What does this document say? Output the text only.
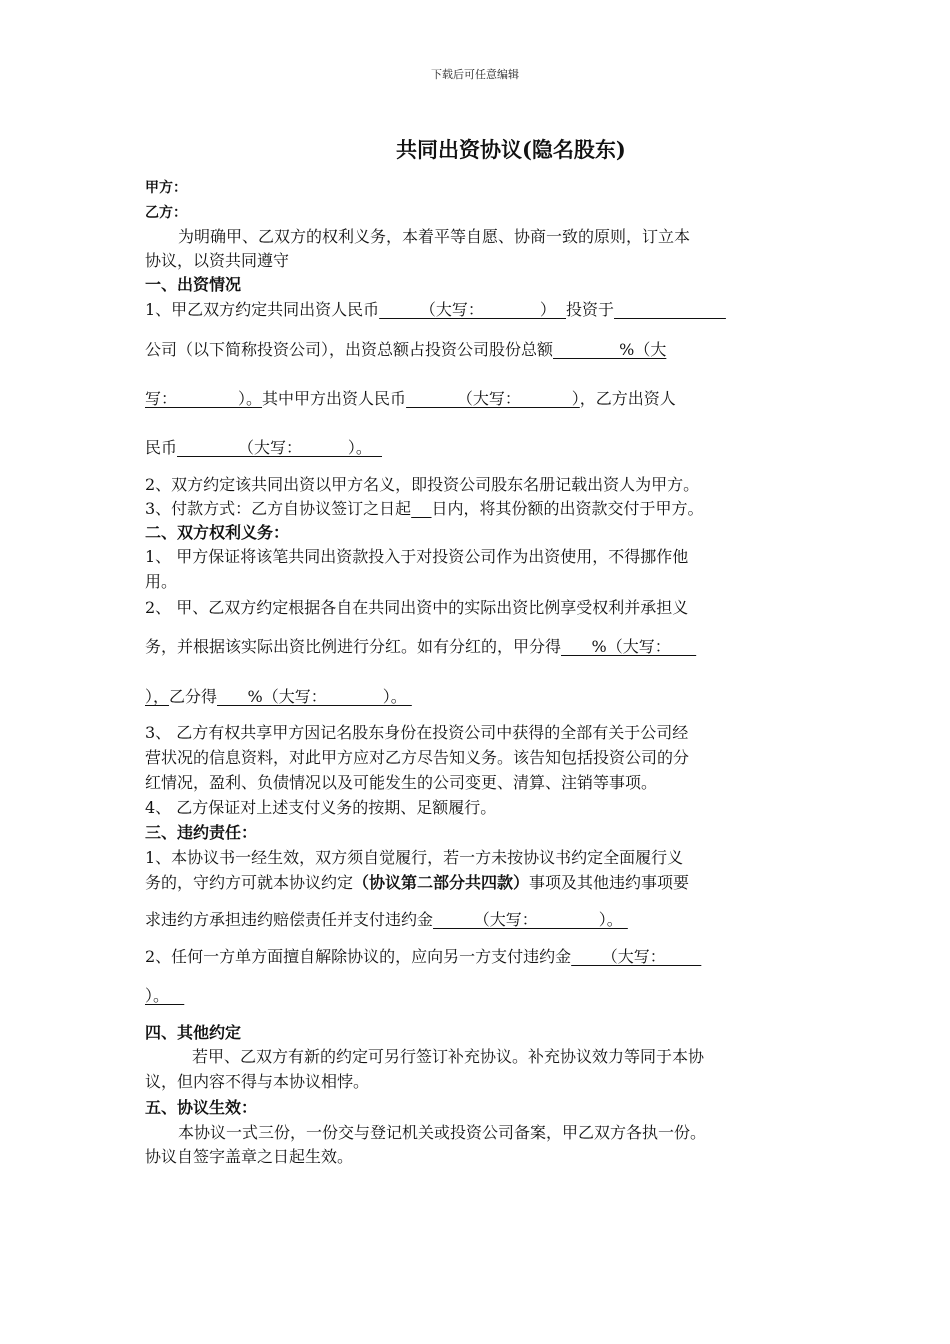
下载后可任意编辑
共同出资协议(隐名股东)
甲方：
乙方：
为明确甲、乙双方的权利义务，本着平等自愿、协商一致的原则，订立本
协议，以资共同遵守
一、出资情况
1、甲乙双方约定共同出资人民币        （大写：           ）  投资于
公司（以下简称投资公司），出资总额占投资公司股份总额             %（大
写：            ）。其中甲方出资人民币          （大写：          ），乙方出资人
民币            （大写：         ）。
2、双方约定该共同出资以甲方名义，即投资公司股东名册记载出资人为甲方。
3、付款方式：乙方自协议签订之日起 日内，将其份额的出资款交付于甲方。
二、双方权利义务：
1、 甲方保证将该笔共同出资款投入于对投资公司作为出资使用，不得挪作他
用。
2、 甲、乙双方约定根据各自在共同出资中的实际出资比例享受权利并承担义
务，并根据该实际出资比例进行分红。如有分红的，甲分得      %（大写：
），乙分得      %（大写：           ）。
3、 乙方有权共享甲方因记名股东身份在投资公司中获得的全部有关于公司经
营状况的信息资料，对此甲方应对乙方尽告知义务。该告知包括投资公司的分
红情况，盈利、负债情况以及可能发生的公司变更、清算、注销等事项。
4、 乙方保证对上述支付义务的按期、足额履行。
三、违约责任：
1、本协议书一经生效，双方须自觉履行，若一方未按协议书约定全面履行义
务的，守约方可就本协议约定（协议第二部分共四款）事项及其他违约事项要
求违约方承担违约赔偿责任并支付违约金        （大写：            ）。
2、任何一方单方面擅自解除协议的，应向另一方支付违约金      （大写：
）。
四、其他约定
若甲、乙双方有新的约定可另行签订补充协议。补充协议效力等同于本协
议，但内容不得与本协议相悖。
五、协议生效：
本协议一式三份，一份交与登记机关或投资公司备案，甲乙双方各执一份。
协议自签字盖章之日起生效。
